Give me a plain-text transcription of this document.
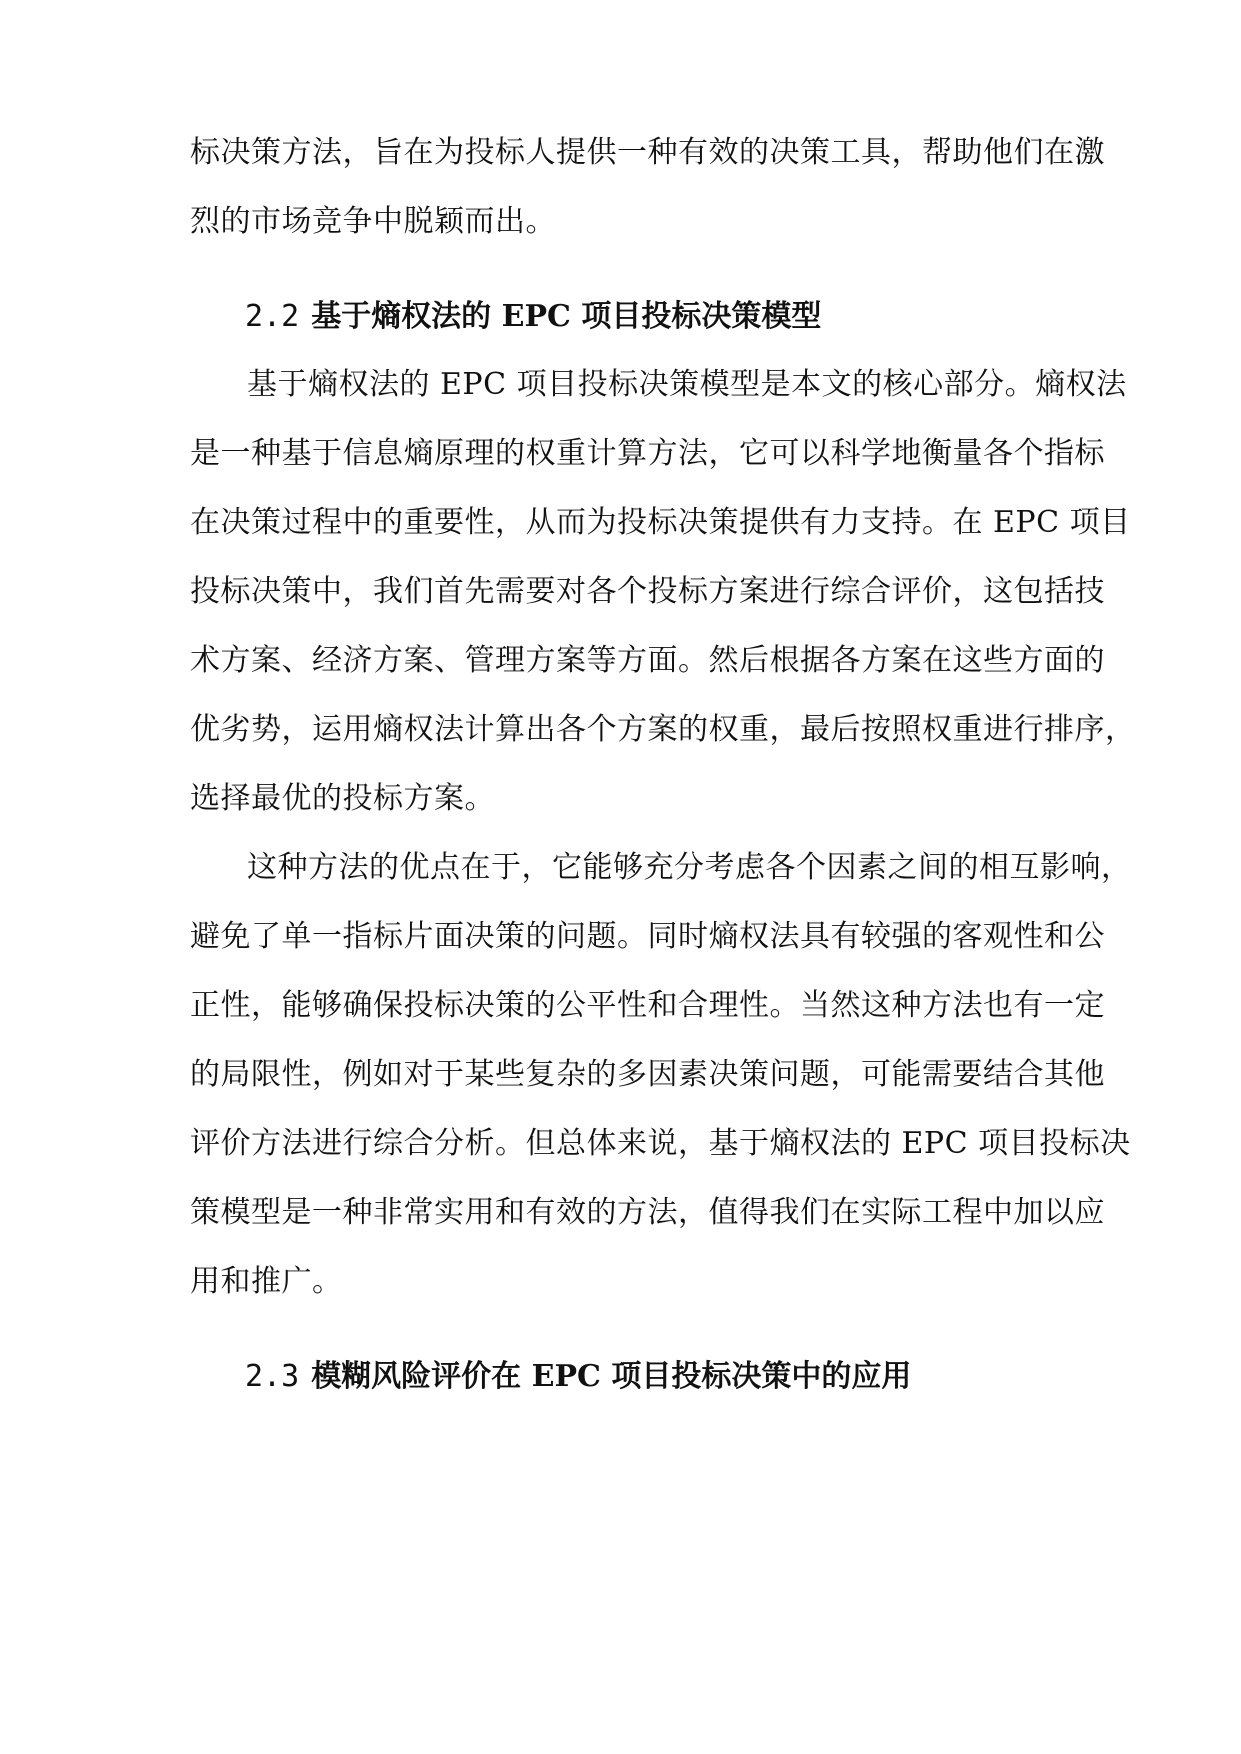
标决策方法，旨在为投标人提供一种有效的决策工具，帮助他们在激
烈的市场竞争中脱颖而出。
2.2 基于熵权法的 EPC 项目投标决策模型
基于熵权法的 EPC 项目投标决策模型是本文的核心部分。熵权法
是一种基于信息熵原理的权重计算方法，它可以科学地衡量各个指标
在决策过程中的重要性，从而为投标决策提供有力支持。在 EPC 项目
投标决策中，我们首先需要对各个投标方案进行综合评价，这包括技
术方案、经济方案、管理方案等方面。然后根据各方案在这些方面的
优劣势，运用熵权法计算出各个方案的权重，最后按照权重进行排序，
选择最优的投标方案。
这种方法的优点在于，它能够充分考虑各个因素之间的相互影响，
避免了单一指标片面决策的问题。同时熵权法具有较强的客观性和公
正性，能够确保投标决策的公平性和合理性。当然这种方法也有一定
的局限性，例如对于某些复杂的多因素决策问题，可能需要结合其他
评价方法进行综合分析。但总体来说，基于熵权法的 EPC 项目投标决
策模型是一种非常实用和有效的方法，值得我们在实际工程中加以应
用和推广。
2.3 模糊风险评价在 EPC 项目投标决策中的应用
